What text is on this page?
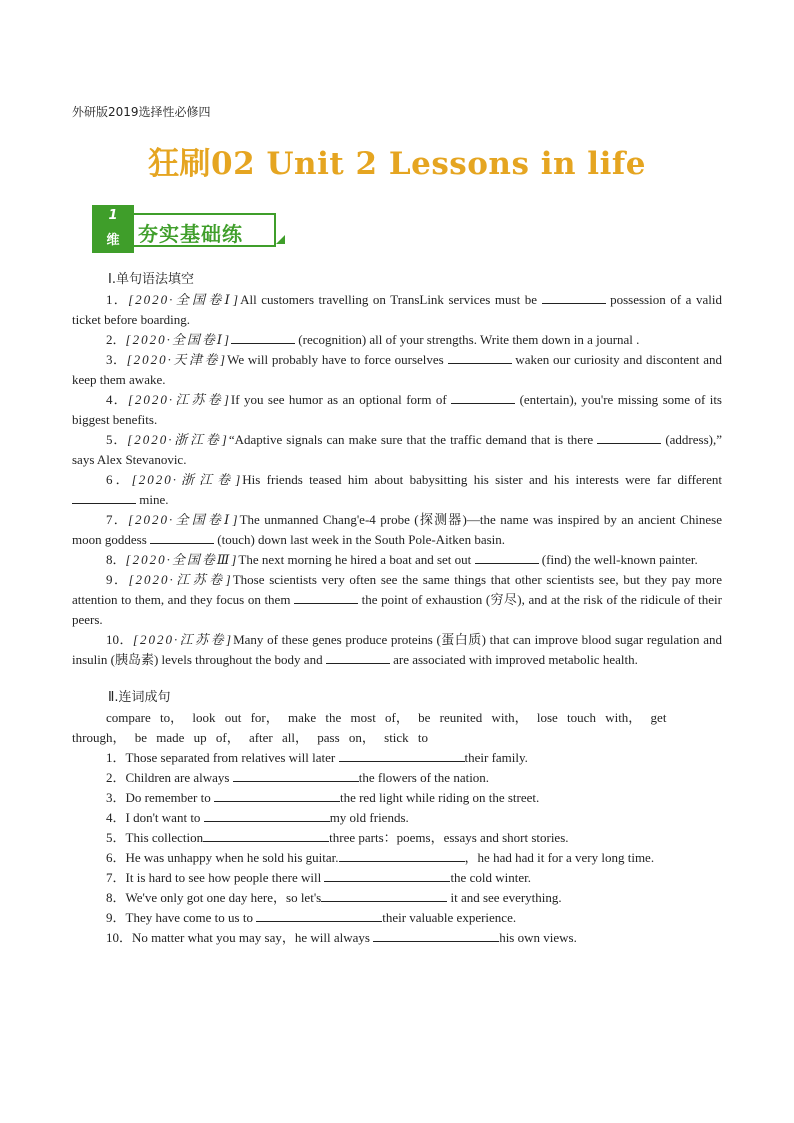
外研版2019选择性必修四
狂刷02 Unit 2 Lessons in life
1
维 夯实基础练
Ⅰ.单句语法填空
1．[2020·全国卷Ⅰ]All customers travelling on TransLink services must be	possession of a valid ticket before boarding.
2．[2020·全国卷Ⅰ]	(recognition) all of your strengths. Write them down in a journal .
3．[2020·天津卷]We will probably have to force ourselves	waken our curiosity and discontent and keep them awake.
4．[2020·江苏卷]If you see humor as an optional form of	(entertain), you're missing some of its biggest benefits.
5．[2020·浙江卷]“Adaptive signals can make sure that the traffic demand that is there	(address),” says Alex Stevanovic.
6．[2020·浙江卷]His friends teased him about babysitting his sister and his interests were far different  mine.
7．[2020·全国卷Ⅰ]The unmanned Chang'e-4 probe (探测器)—the name was inspired by an ancient Chinese moon goddess	(touch) down last week in the South Pole-Aitken basin.
8．[2020·全国卷Ⅲ]The next morning he hired a boat and set out	(find) the well-known painter.
9．[2020·江苏卷]Those scientists very often see the same things that other scientists see, but they pay more attention to them, and they focus on them	the point of exhaustion (穷尽), and at the risk of the ridicule of their peers.
10．[2020·江苏卷]Many of these genes produce proteins (蛋白质) that can improve blood sugar regulation and insulin (胰岛素) levels throughout the body and	are associated with improved metabolic health.
Ⅱ.连词成句
compare to， look out for， make the most of， be reunited with， lose touch with， get through， be made up of， after all， pass on， stick to
1．Those separated from relatives will later	their family.
2．Children are always	the flowers of the nation.
3．Do remember to	the red light while riding on the street.
4．I don't want to	my old friends.
5．This collection	three parts：poems，essays and short stories.
6．He was unhappy when he sold his guitar.	，he had had it for a very long time.
7．It is hard to see how people there will	the cold winter.
8．We've only got one day here，so let's	it and see everything.
9．They have come to us to	their valuable experience.
10．No matter what you may say，he will always	his own views.
